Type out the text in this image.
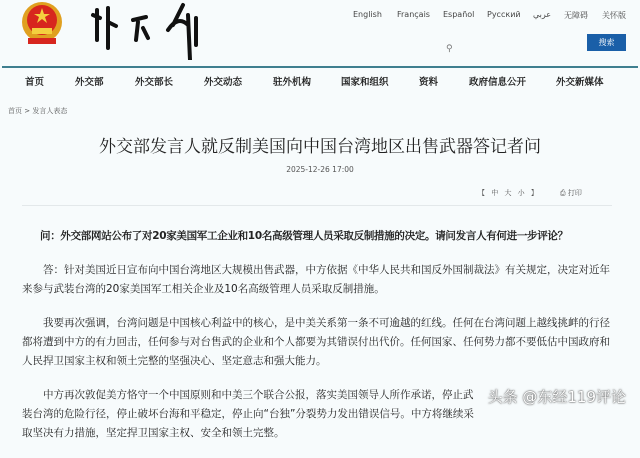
English Français Español Русский عربي 无障碍 关怀版
⚲
搜索
首页	外交部	外交部长	外交动态	驻外机构	国家和组织	资料	政府信息公开	外交新媒体
首页 > 发言人表态
外交部发言人就反制美国向中国台湾地区出售武器答记者问
2025-12-26 17:00
【 中 大 小 】	⎙ 打印

问：外交部网站公布了对20家美国军工企业和10名高级管理人员采取反制措施的决定。请问发言人有何进一步评论？

答：针对美国近日宣布向中国台湾地区大规模出售武器，中方依据《中华人民共和国反外国制裁法》有关规定，决定对近年来参与武装台湾的20家美国军工相关企业及10名高级管理人员采取反制措施。

我要再次强调，台湾问题是中国核心利益中的核心，是中美关系第一条不可逾越的红线。任何在台湾问题上越线挑衅的行径都将遭到中方的有力回击，任何参与对台售武的企业和个人都要为其错误付出代价。任何国家、任何势力都不要低估中国政府和人民捍卫国家主权和领土完整的坚强决心、坚定意志和强大能力。

中方再次敦促美方恪守一个中国原则和中美三个联合公报，落实美国领导人所作承诺，停止武装台湾的危险行径，停止破坏台海和平稳定，停止向“台独”分裂势力发出错误信号。中方将继续采取坚决有力措施，坚定捍卫国家主权、安全和领土完整。

头条 @东经119评论
